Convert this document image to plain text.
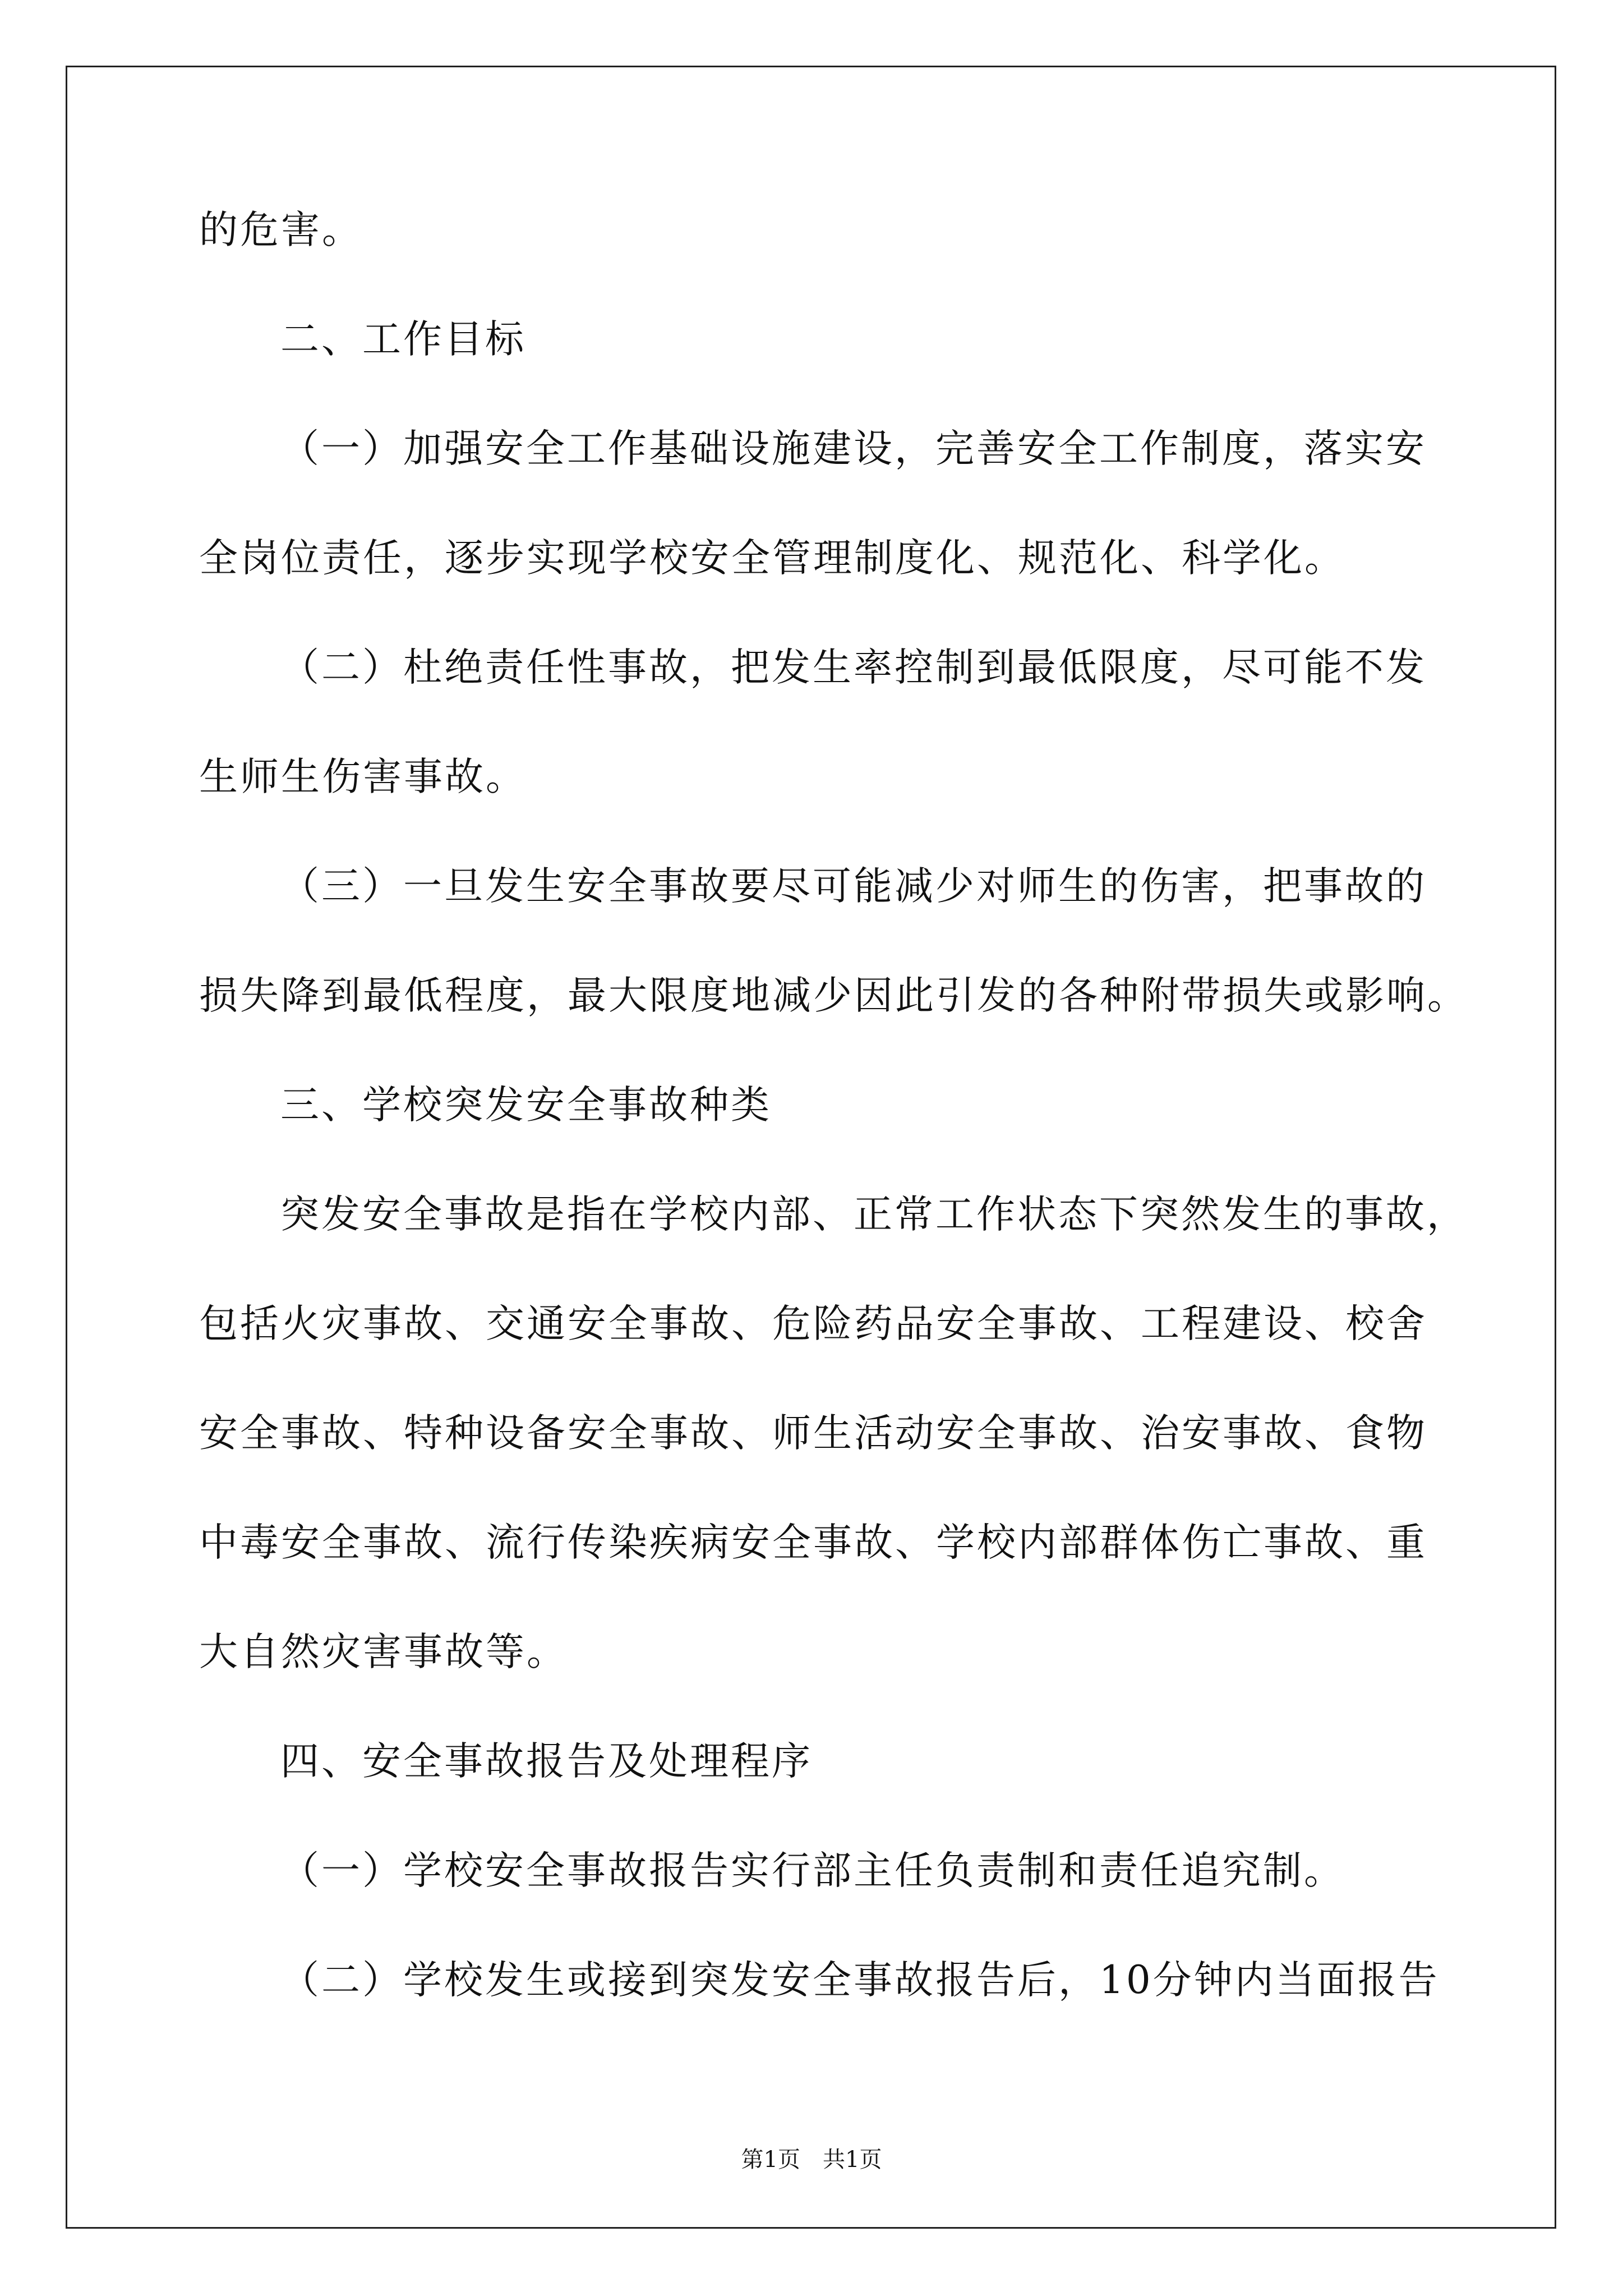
的危害。
二、工作目标
（一）加强安全工作基础设施建设，完善安全工作制度，落实安
全岗位责任，逐步实现学校安全管理制度化、规范化、科学化。
（二）杜绝责任性事故，把发生率控制到最低限度，尽可能不发
生师生伤害事故。
（三）一旦发生安全事故要尽可能减少对师生的伤害，把事故的
损失降到最低程度，最大限度地减少因此引发的各种附带损失或影响。
三、学校突发安全事故种类
突发安全事故是指在学校内部、正常工作状态下突然发生的事故，
包括火灾事故、交通安全事故、危险药品安全事故、工程建设、校舍
安全事故、特种设备安全事故、师生活动安全事故、治安事故、食物
中毒安全事故、流行传染疾病安全事故、学校内部群体伤亡事故、重
大自然灾害事故等。
四、安全事故报告及处理程序
（一）学校安全事故报告实行部主任负责制和责任追究制。
（二）学校发生或接到突发安全事故报告后，10分钟内当面报告
第1页　共1页
